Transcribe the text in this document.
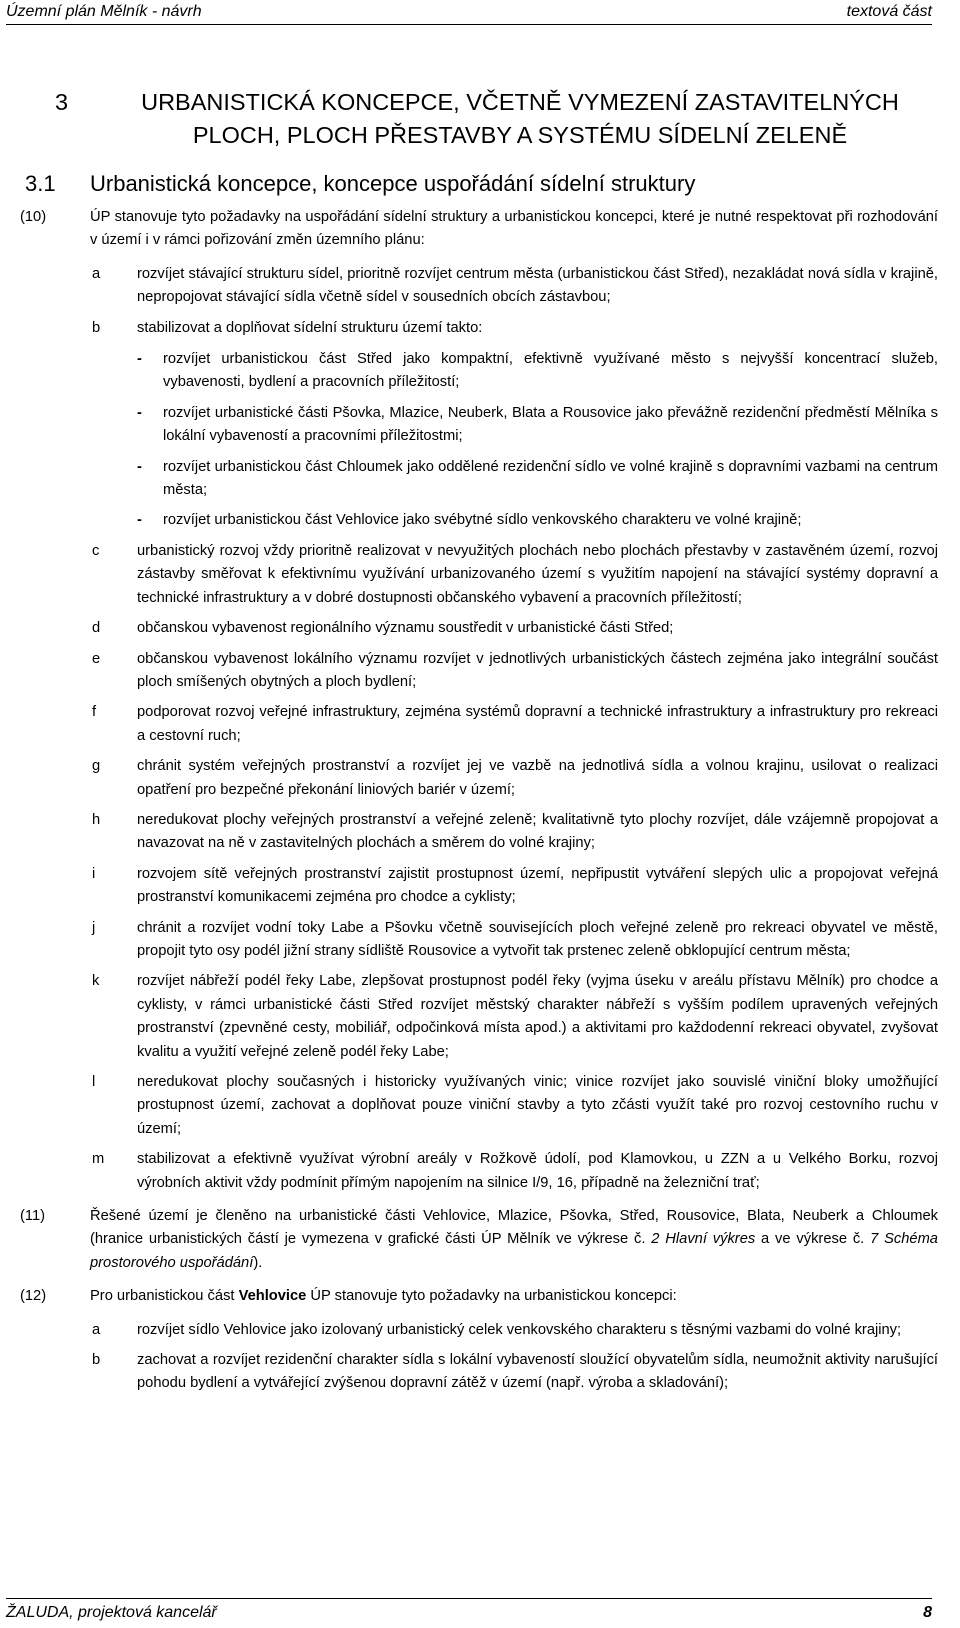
Územní plán Mělník - návrh	textová část
3	URBANISTICKÁ KONCEPCE, VČETNĚ VYMEZENÍ ZASTAVITELNÝCH PLOCH, PLOCH PŘESTAVBY A SYSTÉMU SÍDELNÍ ZELENĚ
3.1 Urbanistická koncepce, koncepce uspořádání sídelní struktury
(10)	ÚP stanovuje tyto požadavky na uspořádání sídelní struktury a urbanistickou koncepci, které je nutné respektovat při rozhodování v území i v rámci pořizování změn územního plánu:
a	rozvíjet stávající strukturu sídel, prioritně rozvíjet centrum města (urbanistickou část Střed), nezakládat nová sídla v krajině, nepropojovat stávající sídla včetně sídel v sousedních obcích zástavbou;
b	stabilizovat a doplňovat sídelní strukturu území takto:
- rozvíjet urbanistickou část Střed jako kompaktní, efektivně využívané město s nejvyšší koncentrací služeb, vybavenosti, bydlení a pracovních příležitostí;
- rozvíjet urbanistické části Pšovka, Mlazice, Neuberk, Blata a Rousovice jako převážně rezidenční předměstí Mělníka s lokální vybaveností a pracovními příležitostmi;
- rozvíjet urbanistickou část Chloumek jako oddělené rezidenční sídlo ve volné krajině s dopravními vazbami na centrum města;
- rozvíjet urbanistickou část Vehlovice jako svébytné sídlo venkovského charakteru ve volné krajině;
c	urbanistický rozvoj vždy prioritně realizovat v nevyužitých plochách nebo plochách přestavby v zastavěném území, rozvoj zástavby směřovat k efektivnímu využívání urbanizovaného území s využitím napojení na stávající systémy dopravní a technické infrastruktury a v dobré dostupnosti občanského vybavení a pracovních příležitostí;
d	občanskou vybavenost regionálního významu soustředit v urbanistické části Střed;
e	občanskou vybavenost lokálního významu rozvíjet v jednotlivých urbanistických částech zejména jako integrální součást ploch smíšených obytných a ploch bydlení;
f	podporovat rozvoj veřejné infrastruktury, zejména systémů dopravní a technické infrastruktury a infrastruktury pro rekreaci a cestovní ruch;
g	chránit systém veřejných prostranství a rozvíjet jej ve vazbě na jednotlivá sídla a volnou krajinu, usilovat o realizaci opatření pro bezpečné překonání liniových bariér v území;
h	neredukovat plochy veřejných prostranství a veřejné zeleně; kvalitativně tyto plochy rozvíjet, dále vzájemně propojovat a navazovat na ně v zastavitelných plochách a směrem do volné krajiny;
i	rozvojem sítě veřejných prostranství zajistit prostupnost území, nepřipustit vytváření slepých ulic a propojovat veřejná prostranství komunikacemi zejména pro chodce a cyklisty;
j	chránit a rozvíjet vodní toky Labe a Pšovku včetně souvisejících ploch veřejné zeleně pro rekreaci obyvatel ve městě, propojit tyto osy podél jižní strany sídliště Rousovice a vytvořit tak prstenec zeleně obklopující centrum města;
k	rozvíjet nábřeží podél řeky Labe, zlepšovat prostupnost podél řeky (vyjma úseku v areálu přístavu Mělník) pro chodce a cyklisty, v rámci urbanistické části Střed rozvíjet městský charakter nábřeží s vyšším podílem upravených veřejných prostranství (zpevněné cesty, mobiliář, odpočinková místa apod.) a aktivitami pro každodenní rekreaci obyvatel, zvyšovat kvalitu a využití veřejné zeleně podél řeky Labe;
l	neredukovat plochy současných i historicky využívaných vinic; vinice rozvíjet jako souvislé viniční bloky umožňující prostupnost území, zachovat a doplňovat pouze viniční stavby a tyto zčásti využít také pro rozvoj cestovního ruchu v území;
m stabilizovat a efektivně využívat výrobní areály v Rožkově údolí, pod Klamovkou, u ZZN a u Velkého Borku, rozvoj výrobních aktivit vždy podmínit přímým napojením na silnice I/9, 16, případně na železniční trať;
(11)	Řešené území je členěno na urbanistické části Vehlovice, Mlazice, Pšovka, Střed, Rousovice, Blata, Neuberk a Chloumek (hranice urbanistických částí je vymezena v grafické části ÚP Mělník ve výkrese č. 2 Hlavní výkres a ve výkrese č. 7 Schéma prostorového uspořádání).
(12)	Pro urbanistickou část Vehlovice ÚP stanovuje tyto požadavky na urbanistickou koncepci:
a	rozvíjet sídlo Vehlovice jako izolovaný urbanistický celek venkovského charakteru s těsnými vazbami do volné krajiny;
b	zachovat a rozvíjet rezidenční charakter sídla s lokální vybaveností sloužící obyvatelům sídla, neumožnit aktivity narušující pohodu bydlení a vytvářející zvýšenou dopravní zátěž v území (např. výroba a skladování);
ŽALUDA, projektová kancelář	8
